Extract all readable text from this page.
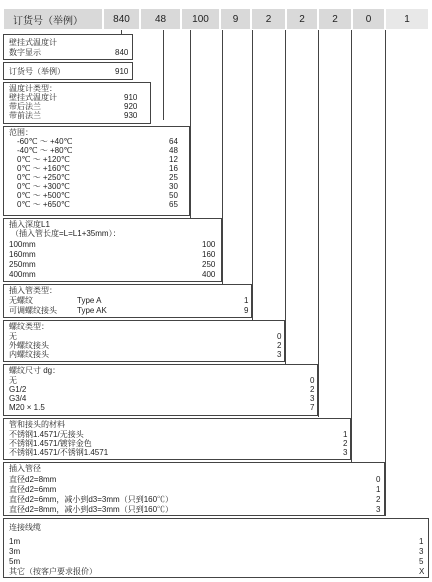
订货号（举例）	840	48	100	9	2	2	2	0	1
壁挂式温度计
数字显示	840
订货号（举例）	910
温度计类型：
壁挂式温度计	910
带后法兰	920
带前法兰	930
范围：
-60℃ ～ +40℃	64
-40℃ ～ +80℃	48
0℃ ～ +120℃	12
0℃ ～ +160℃	16
0℃ ～ +250℃	25
0℃ ～ +300℃	30
0℃ ～ +500℃	50
0℃ ～ +650℃	65
插入深度L1
（插入管长度=L=L1+35mm）：
100mm	100
160mm	160
250mm	250
400mm	400
插入管类型：
无螺纹	Type A	1
可调螺纹接头	Type AK	9
螺纹类型：
无	0
外螺纹接头	2
内螺纹接头	3
螺纹尺寸 dg：
无	0
G1/2	2
G3/4	3
M20 × 1.5	7
管和接头的材料
不锈钢1.4571/无接头	1
不锈钢1.4571/镀锌金色	2
不锈钢1.4571/不锈钢1.4571	3
插入管径
直径d2=8mm	0
直径d2=6mm	1
直径d2=6mm，减小到d3=3mm（只到160℃）	2
直径d2=8mm，减小到d3=3mm（只到160℃）	3
连接线缆
1m	1
3m	3
5m	5
其它（按客户要求报价）	X
